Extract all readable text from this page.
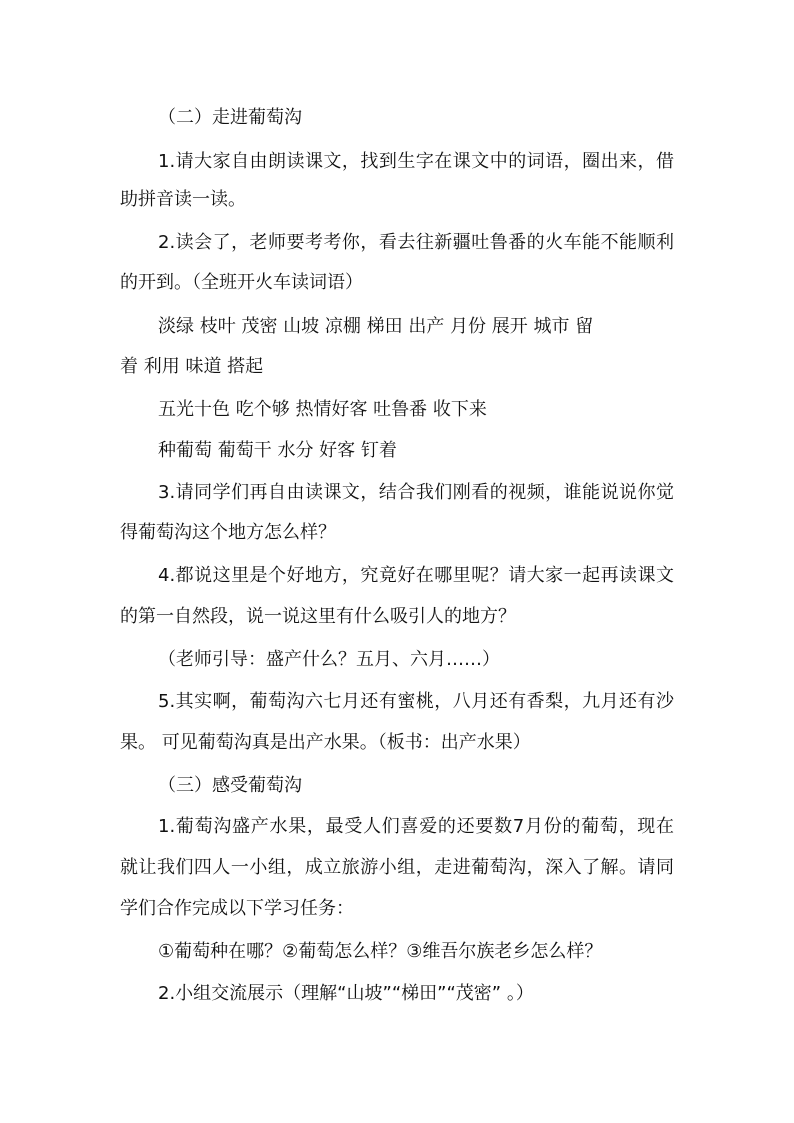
（二）走进葡萄沟
1.请大家自由朗读课文，找到生字在课文中的词语，圈出来，借
助拼音读一读。
2.读会了，老师要考考你，看去往新疆吐鲁番的火车能不能顺利
的开到。（全班开火车读词语）
淡绿 枝叶 茂密 山坡 凉棚 梯田 出产 月份 展开 城市 留
着 利用 味道 搭起
五光十色 吃个够 热情好客 吐鲁番 收下来
种葡萄 葡萄干 水分 好客 钉着
3.请同学们再自由读课文，结合我们刚看的视频，谁能说说你觉
得葡萄沟这个地方怎么样？
4.都说这里是个好地方，究竟好在哪里呢？请大家一起再读课文
的第一自然段，说一说这里有什么吸引人的地方？
（老师引导：盛产什么？五月、六月……）
5.其实啊，葡萄沟六七月还有蜜桃，八月还有香梨，九月还有沙
果。 可见葡萄沟真是出产水果。（板书：出产水果）
（三）感受葡萄沟
1.葡萄沟盛产水果，最受人们喜爱的还要数7月份的葡萄，现在
就让我们四人一小组，成立旅游小组，走进葡萄沟，深入了解。请同
学们合作完成以下学习任务：
①葡萄种在哪？②葡萄怎么样？③维吾尔族老乡怎么样？
2.小组交流展示（理解“山坡”“梯田”“茂密” 。）
